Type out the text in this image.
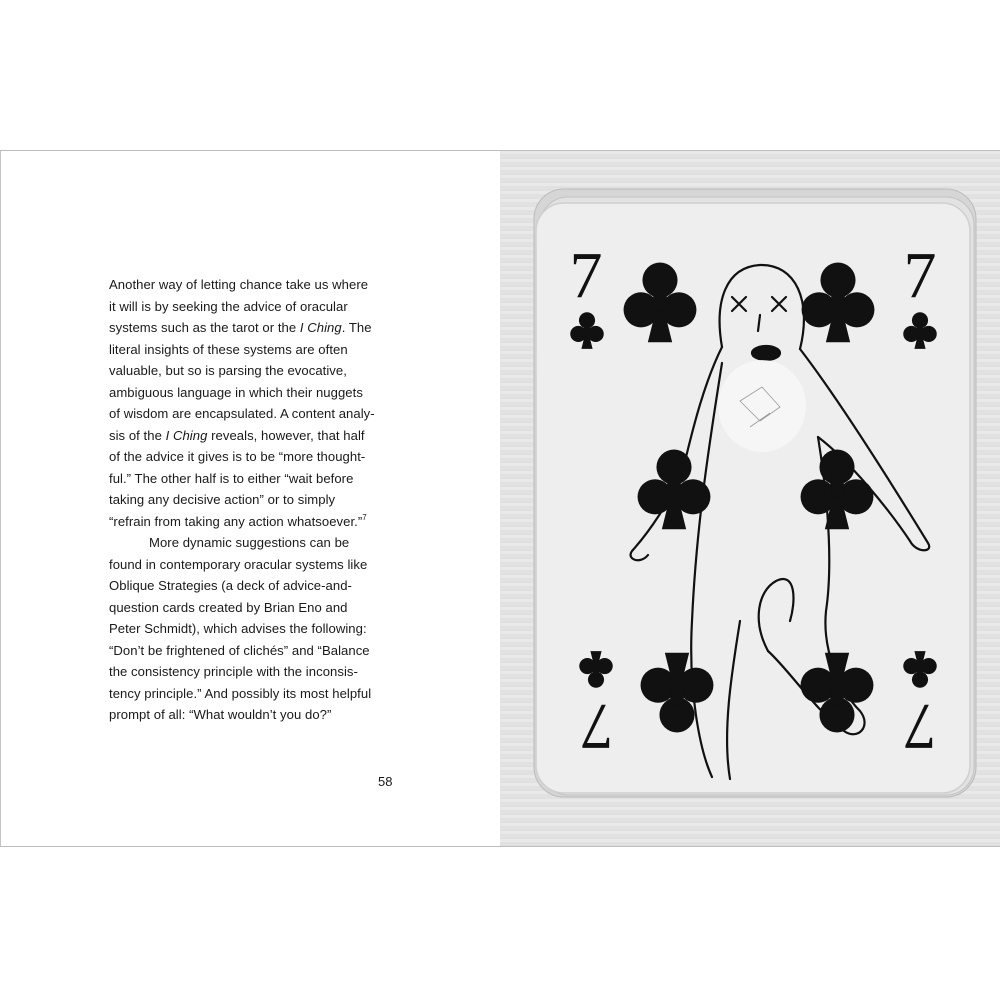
Another way of letting chance take us where
it will is by seeking the advice of oracular
systems such as the tarot or the I Ching. The
literal insights of these systems are often
valuable, but so is parsing the evocative,
ambiguous language in which their nuggets
of wisdom are encapsulated. A content analy-
sis of the I Ching reveals, however, that half
of the advice it gives is to be “more thought-
ful.” The other half is to either “wait before
taking any decisive action” or to simply
“refrain from taking any action whatsoever.”$^7$
More dynamic suggestions can be
found in contemporary oracular systems like
Oblique Strategies (a deck of advice-and-
question cards created by Brian Eno and
Peter Schmidt), which advises the following:
“Don’t be frightened of clichés” and “Balance
the consistency principle with the inconsis-
tency principle.” And possibly its most helpful
prompt of all: “What wouldn’t you do?”
58
7	7
7	7
